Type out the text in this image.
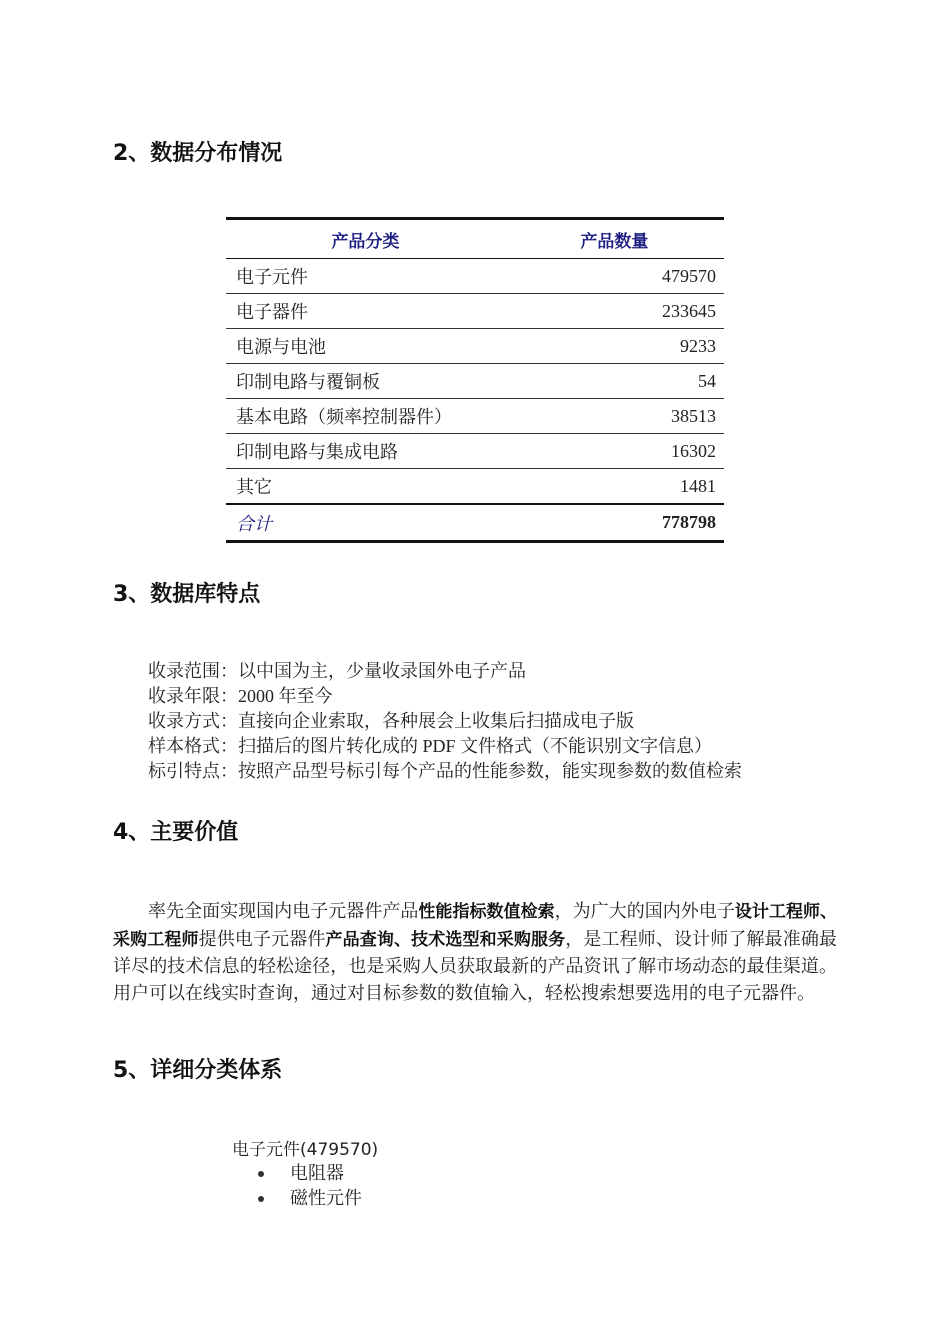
2、数据分布情况
产品分类	产品数量
电子元件	479570
电子器件	233645
电源与电池	9233
印制电路与覆铜板	54
基本电路（频率控制器件）	38513
印制电路与集成电路	16302
其它	1481
合计	778798
3、数据库特点
收录范围：以中国为主，少量收录国外电子产品
收录年限：2000 年至今
收录方式：直接向企业索取，各种展会上收集后扫描成电子版
样本格式：扫描后的图片转化成的 PDF 文件格式（不能识别文字信息）
标引特点：按照产品型号标引每个产品的性能参数，能实现参数的数值检索
4、主要价值

率先全面实现国内电子元器件产品性能指标数值检索，为广大的国内外电子设计工程师、采购工程师提供电子元器件产品查询、技术选型和采购服务，是工程师、设计师了解最准确最详尽的技术信息的轻松途径，也是采购人员获取最新的产品资讯了解市场动态的最佳渠道。用户可以在线实时查询，通过对目标参数的数值输入，轻松搜索想要选用的电子元器件。

5、详细分类体系
电子元件(479570)
电阻器
磁性元件
